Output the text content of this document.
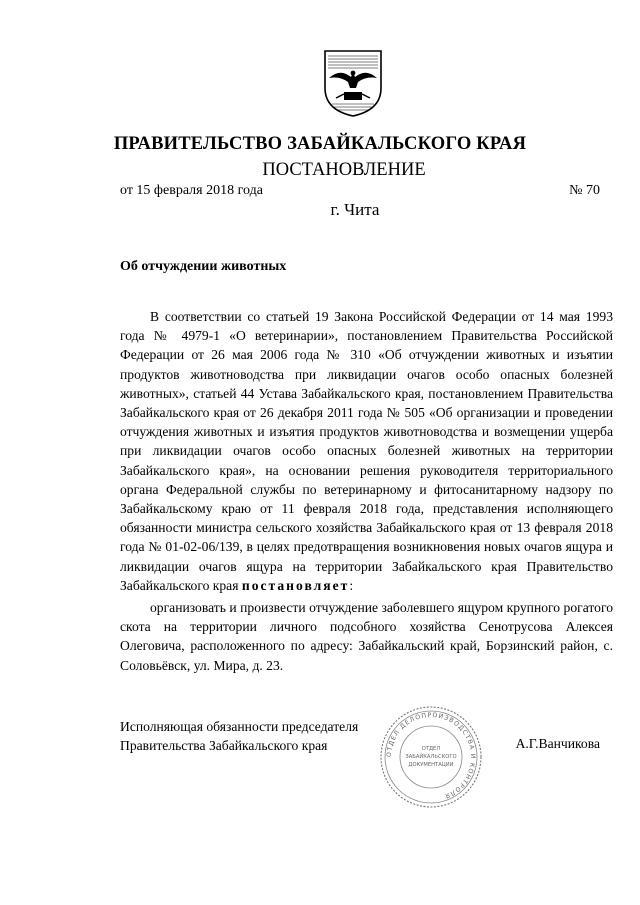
ПРАВИТЕЛЬСТВО ЗАБАЙКАЛЬСКОГО КРАЯ
ПОСТАНОВЛЕНИЕ
от 15 февраля 2018 года	№ 70
г. Чита
Об отчуждении животных

В соответствии со статьей 19 Закона Российской Федерации от 14 мая 1993 года № 4979-1 «О ветеринарии», постановлением Правительства Российской Федерации от 26 мая 2006 года № 310 «Об отчуждении животных и изъятии продуктов животноводства при ликвидации очагов особо опасных болезней животных», статьей 44 Устава Забайкальского края, постановлением Правительства Забайкальского края от 26 декабря 2011 года № 505 «Об организации и проведении отчуждения животных и изъятия продуктов животноводства и возмещении ущерба при ликвидации очагов особо опасных болезней животных на территории Забайкальского края», на основании решения руководителя территориального органа Федеральной службы по ветеринарному и фитосанитарному надзору по Забайкальскому краю от 11 февраля 2018 года, представления исполняющего обязанности министра сельского хозяйства Забайкальского края от 13 февраля 2018 года № 01-02-06/139, в целях предотвращения возникновения новых очагов ящура и ликвидации очагов ящура на территории Забайкальского края Правительство Забайкальского края постановляет:

организовать и произвести отчуждение заболевшего ящуром крупного рогатого скота на территории личного подсобного хозяйства Сенотрусова Алексея Олеговича, расположенного по адресу: Забайкальский край, Борзинский район, с. Соловьёвск, ул. Мира, д. 23.

Исполняющая обязанности председателя
Правительства Забайкальского края
ОТДЕЛ ДЕЛОПРОИЗВОДСТВА И КОНТРОЛЯ
ОТДЕЛ
ЗАБАЙКАЛЬСКОГО
ДОКУМЕНТАЦИИ
А.Г.Ванчикова
